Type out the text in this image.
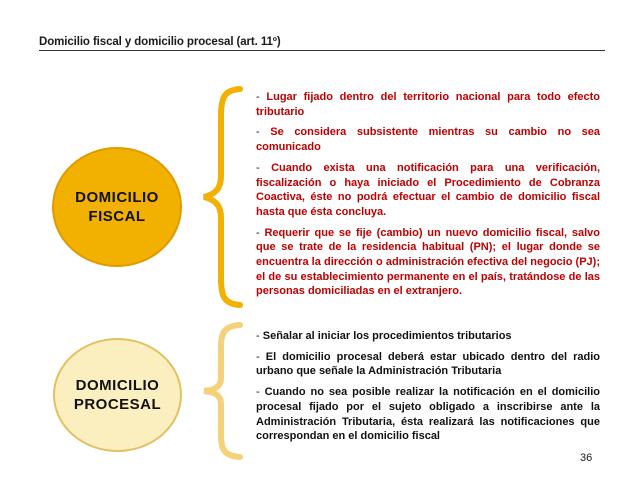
Domicilio fiscal y domicilio procesal (art. 11º)
DOMICILIO
FISCAL
- Lugar fijado dentro del territorio nacional para todo efecto tributario
- Se considera subsistente mientras su cambio no sea comunicado
- Cuando exista una notificación para una verificación, fiscalización o haya iniciado el Procedimiento de Cobranza Coactiva, éste no podrá efectuar el cambio de domicilio fiscal hasta que ésta concluya.
- Requerir que se fije (cambio) un nuevo domicilio fiscal, salvo que se trate de la residencia habitual (PN); el lugar donde se encuentra la dirección o administración efectiva del negocio (PJ); el de su establecimiento permanente en el país, tratándose de las personas domiciliadas en el extranjero.
DOMICILIO
PROCESAL
- Señalar al iniciar los procedimientos tributarios
- El domicilio procesal deberá estar ubicado dentro del radio urbano que señale la Administración Tributaria
- Cuando no sea posible realizar la notificación en el domicilio procesal fijado por el sujeto obligado a inscribirse ante la Administración Tributaria, ésta realizará las notificaciones que correspondan en el domicilio fiscal
36
